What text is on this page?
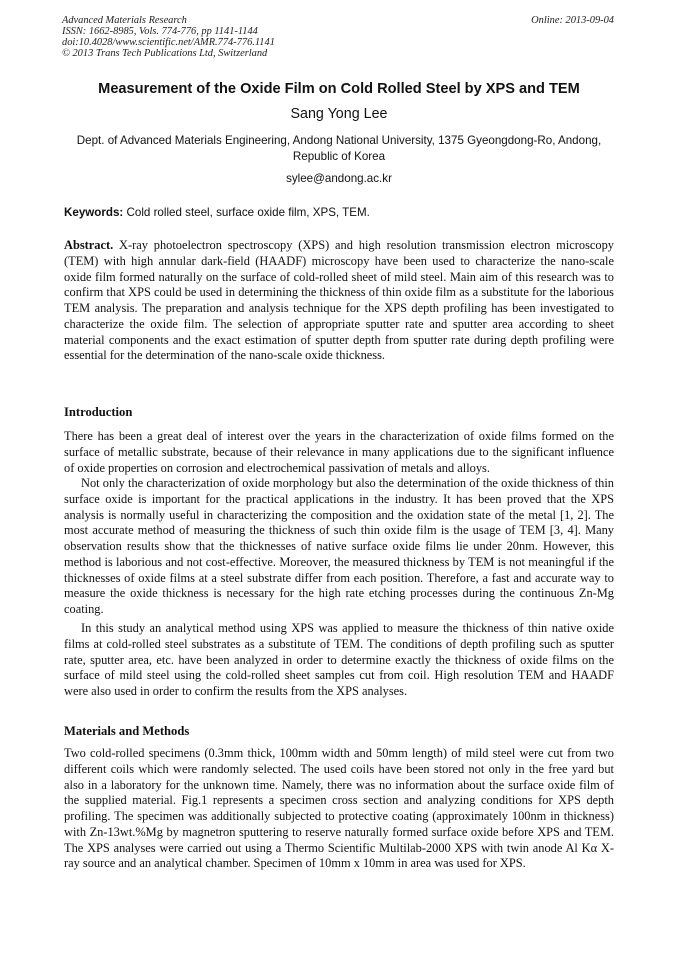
Advanced Materials Research
ISSN: 1662-8985, Vols. 774-776, pp 1141-1144
doi:10.4028/www.scientific.net/AMR.774-776.1141
© 2013 Trans Tech Publications Ltd, Switzerland
Online: 2013-09-04
Measurement of the Oxide Film on Cold Rolled Steel by XPS and TEM
Sang Yong Lee
Dept. of Advanced Materials Engineering, Andong National University, 1375 Gyeongdong-Ro, Andong, Republic of Korea
sylee@andong.ac.kr
Keywords: Cold rolled steel, surface oxide film, XPS, TEM.
Abstract. X-ray photoelectron spectroscopy (XPS) and high resolution transmission electron microscopy (TEM) with high annular dark-field (HAADF) microscopy have been used to characterize the nano-scale oxide film formed naturally on the surface of cold-rolled sheet of mild steel. Main aim of this research was to confirm that XPS could be used in determining the thickness of thin oxide film as a substitute for the laborious TEM analysis. The preparation and analysis technique for the XPS depth profiling has been investigated to characterize the oxide film. The selection of appropriate sputter rate and sputter area according to sheet material components and the exact estimation of sputter depth from sputter rate during depth profiling were essential for the determination of the nano-scale oxide thickness.
Introduction
There has been a great deal of interest over the years in the characterization of oxide films formed on the surface of metallic substrate, because of their relevance in many applications due to the significant influence of oxide properties on corrosion and electrochemical passivation of metals and alloys.
Not only the characterization of oxide morphology but also the determination of the oxide thickness of thin surface oxide is important for the practical applications in the industry. It has been proved that the XPS analysis is normally useful in characterizing the composition and the oxidation state of the metal [1, 2]. The most accurate method of measuring the thickness of such thin oxide film is the usage of TEM [3, 4]. Many observation results show that the thicknesses of native surface oxide films lie under 20nm. However, this method is laborious and not cost-effective. Moreover, the measured thickness by TEM is not meaningful if the thicknesses of oxide films at a steel substrate differ from each position. Therefore, a fast and accurate way to measure the oxide thickness is necessary for the high rate etching processes during the continuous Zn-Mg coating.
In this study an analytical method using XPS was applied to measure the thickness of thin native oxide films at cold-rolled steel substrates as a substitute of TEM. The conditions of depth profiling such as sputter rate, sputter area, etc. have been analyzed in order to determine exactly the thickness of oxide films on the surface of mild steel using the cold-rolled sheet samples cut from coil. High resolution TEM and HAADF were also used in order to confirm the results from the XPS analyses.
Materials and Methods
Two cold-rolled specimens (0.3mm thick, 100mm width and 50mm length) of mild steel were cut from two different coils which were randomly selected. The used coils have been stored not only in the free yard but also in a laboratory for the unknown time. Namely, there was no information about the surface oxide film of the supplied material. Fig.1 represents a specimen cross section and analyzing conditions for XPS depth profiling. The specimen was additionally subjected to protective coating (approximately 100nm in thickness) with Zn-13wt.%Mg by magnetron sputtering to reserve naturally formed surface oxide before XPS and TEM. The XPS analyses were carried out using a Thermo Scientific Multilab-2000 XPS with twin anode Al Kα X-ray source and an analytical chamber. Specimen of 10mm x 10mm in area was used for XPS.
